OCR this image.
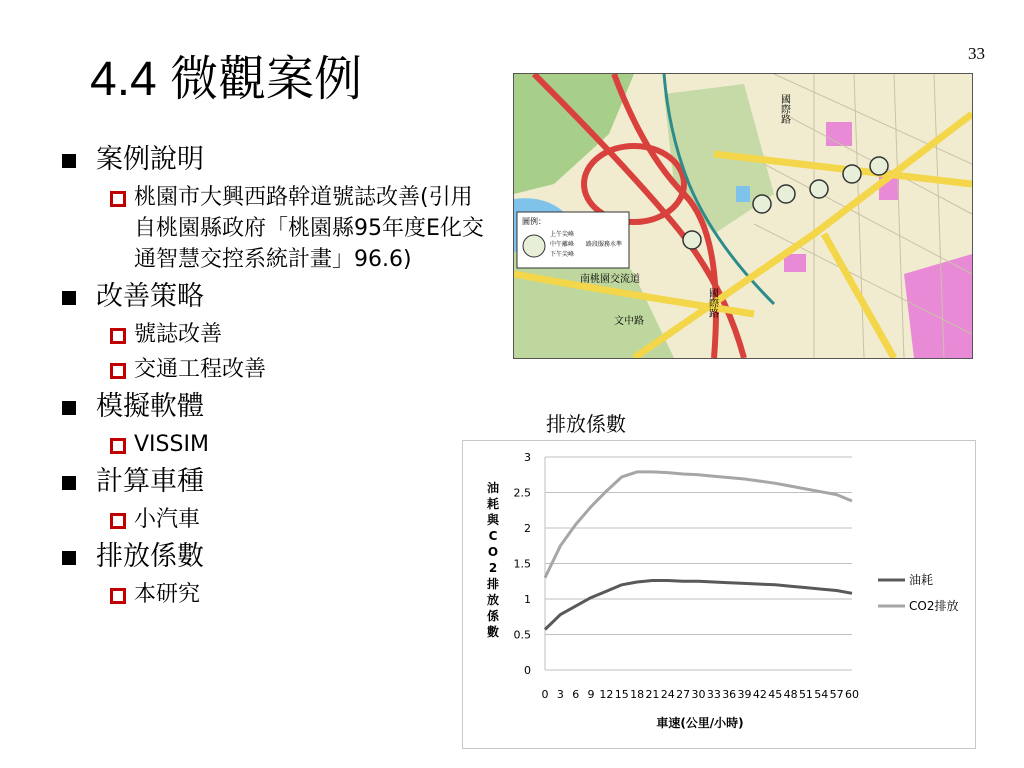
33
4.4 微觀案例
案例說明
桃園市大興西路幹道號誌改善(引用自桃園縣政府「桃園縣95年度E化交通智慧交控系統計畫」96.6)
改善策略
號誌改善
交通工程改善
模擬軟體
VISSIM
計算車種
小汽車
排放係數
本研究
圖例：
上午尖峰
中午離峰
下午尖峰
路段服務水準
國際路
南桃園交流道
文中路
國際路
排放係數
油
耗
與
C
O
2
排
放
係
數
0
0.5
1
1.5
2
2.5
3
0 3 6 9 12 15 18 21 24 27 30 33 36 39 42 45 48 51 54 57 60
油耗
CO2排放
車速(公里/小時)
